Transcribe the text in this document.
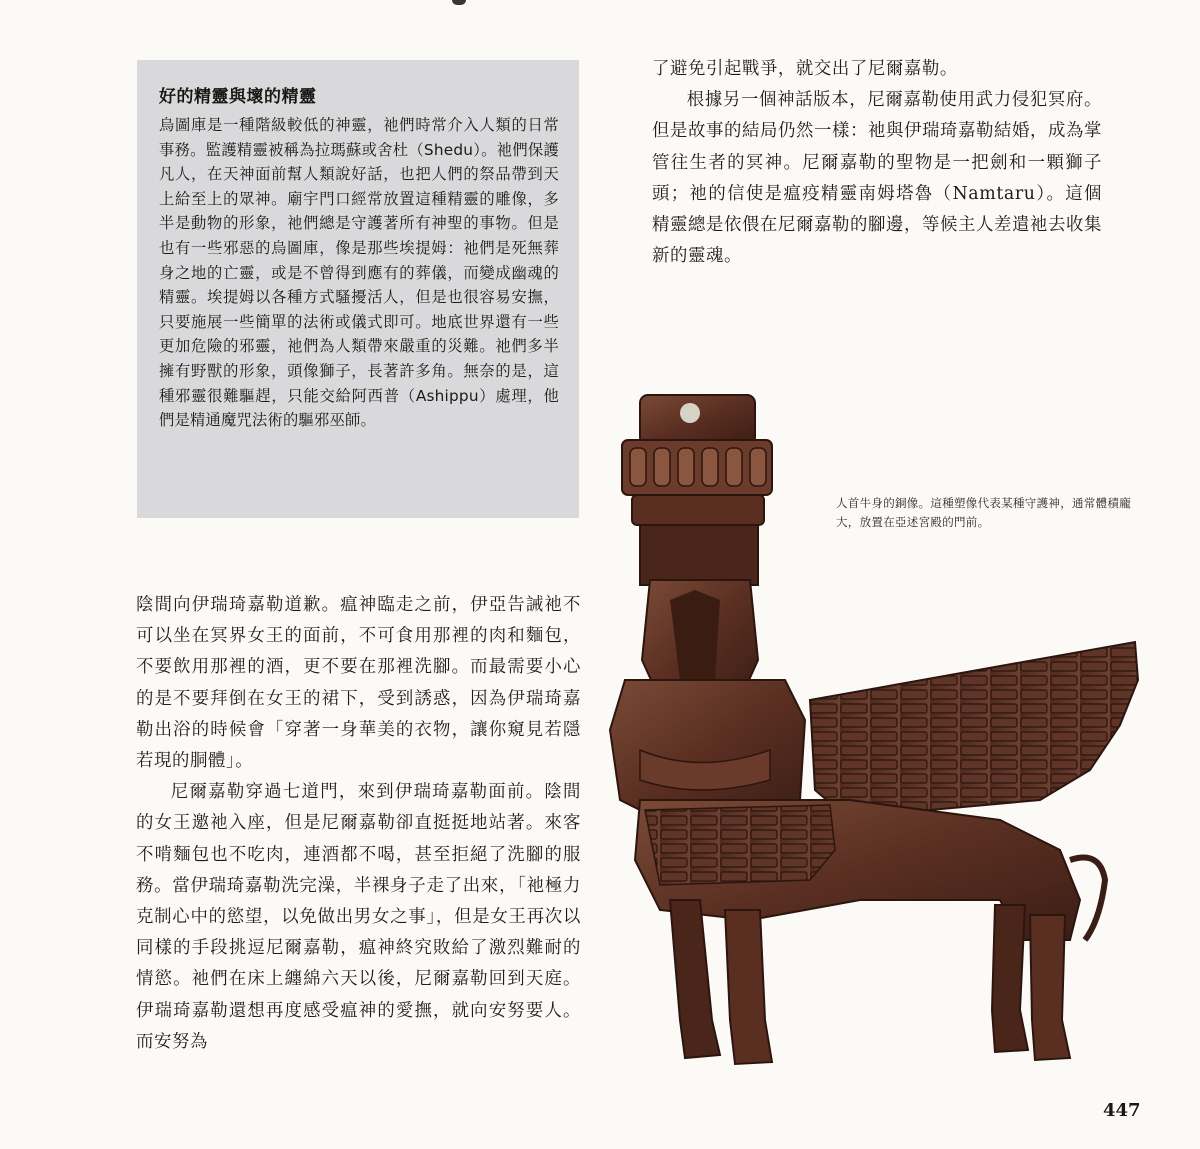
好的精靈與壞的精靈

烏圖庫是一種階級較低的神靈，祂們時常介入人類的日常事務。監護精靈被稱為拉瑪蘇或舍杜（Shedu）。祂們保護凡人，在天神面前幫人類說好話，也把人們的祭品帶到天上給至上的眾神。廟宇門口經常放置這種精靈的雕像，多半是動物的形象，祂們總是守護著所有神聖的事物。但是也有一些邪惡的烏圖庫，像是那些埃提姆：祂們是死無葬身之地的亡靈，或是不曾得到應有的葬儀，而變成幽魂的精靈。埃提姆以各種方式騷擾活人，但是也很容易安撫，只要施展一些簡單的法術或儀式即可。地底世界還有一些更加危險的邪靈，祂們為人類帶來嚴重的災難。祂們多半擁有野獸的形象，頭像獅子，長著許多角。無奈的是，這種邪靈很難驅趕，只能交給阿西普（Ashippu）處理，他們是精通魔咒法術的驅邪巫師。

了避免引起戰爭，就交出了尼爾嘉勒。

根據另一個神話版本，尼爾嘉勒使用武力侵犯冥府。但是故事的結局仍然一樣：祂與伊瑞琦嘉勒結婚，成為掌管往生者的冥神。尼爾嘉勒的聖物是一把劍和一顆獅子頭；祂的信使是瘟疫精靈南姆塔魯（Namtaru）。這個精靈總是依偎在尼爾嘉勒的腳邊，等候主人差遣祂去收集新的靈魂。

陰間向伊瑞琦嘉勒道歉。瘟神臨走之前，伊亞告誡祂不可以坐在冥界女王的面前，不可食用那裡的肉和麵包，不要飲用那裡的酒，更不要在那裡洗腳。而最需要小心的是不要拜倒在女王的裙下，受到誘惑，因為伊瑞琦嘉勒出浴的時候會「穿著一身華美的衣物，讓你窺見若隱若現的胴體」。

尼爾嘉勒穿過七道門，來到伊瑞琦嘉勒面前。陰間的女王邀祂入座，但是尼爾嘉勒卻直挺挺地站著。來客不啃麵包也不吃肉，連酒都不喝，甚至拒絕了洗腳的服務。當伊瑞琦嘉勒洗完澡，半裸身子走了出來，「祂極力克制心中的慾望，以免做出男女之事」，但是女王再次以同樣的手段挑逗尼爾嘉勒，瘟神終究敗給了激烈難耐的情慾。祂們在床上纏綿六天以後，尼爾嘉勒回到天庭。伊瑞琦嘉勒還想再度感受瘟神的愛撫，就向安努要人。而安努為

人首牛身的銅像。這種塑像代表某種守護神，通常體積龐大，放置在亞述宮殿的門前。

447
